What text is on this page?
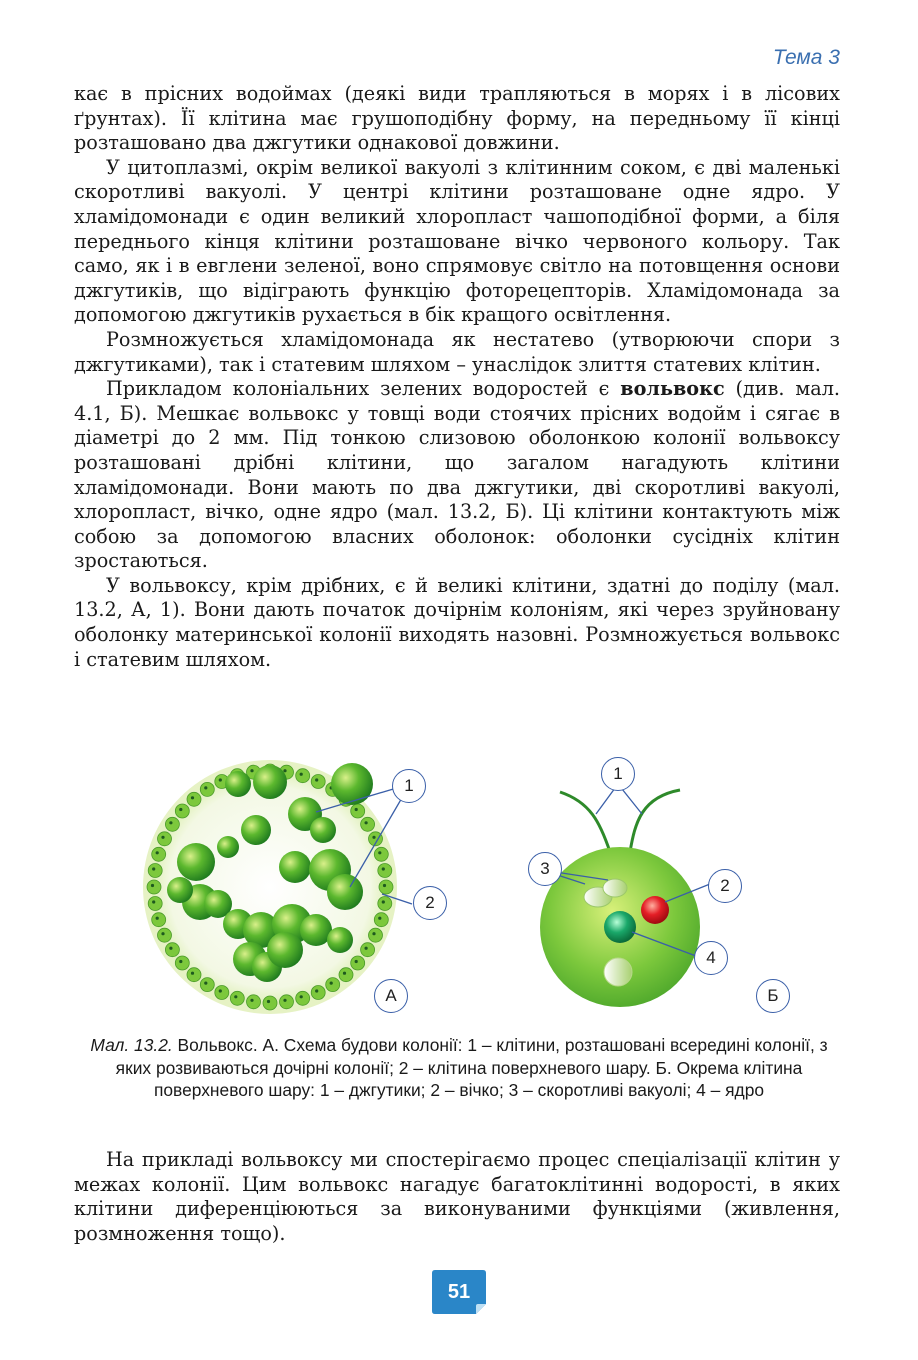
Тема 3

кає в прісних водоймах (деякі види трапляються в морях і в лісових ґрунтах). Її клітина має грушоподібну форму, на передньому її кінці розташовано два джгутики однакової довжини.

У цитоплазмі, окрім великої вакуолі з клітинним соком, є дві маленькі скоротливі вакуолі. У центрі клітини розташоване одне ядро. У хламідомонади є один великий хлоропласт чашоподібної форми, а біля переднього кінця клітини розташоване вічко червоного кольору. Так само, як і в евглени зеленої, воно спрямовує світло на потовщення основи джгутиків, що відіграють функцію фоторецепторів. Хламідомонада за допомогою джгутиків рухається в бік кращого освітлення.

Розмножується хламідомонада як нестатево (утворюючи спори з джгутиками), так і статевим шляхом – унаслідок злиття статевих клітин.

Прикладом колоніальних зелених водоростей є вольвокс (див. мал. 4.1, Б). Мешкає вольвокс у товщі води стоячих прісних водойм і сягає в діаметрі до 2 мм. Під тонкою слизовою оболонкою колонії вольвоксу розташовані дрібні клітини, що загалом нагадують клітини хламідомонади. Вони мають по два джгутики, дві скоротливі вакуолі, хлоропласт, вічко, одне ядро (мал. 13.2, Б). Ці клітини контактують між собою за допомогою власних оболонок: оболонки сусідніх клітин зростаються.

У вольвоксу, крім дрібних, є й великі клітини, здатні до поділу (мал. 13.2, А, 1). Вони дають початок дочірнім колоніям, які через зруйновану оболонку материнської колонії виходять назовні. Розмножується вольвокс і статевим шляхом.

1
2
А
1
2
3
4
Б
Мал. 13.2. Вольвокс. А. Схема будови колонії: 1 – клітини, розташовані всередині колонії, з яких розвиваються дочірні колонії; 2 – клітина поверхневого шару. Б. Окрема клітина поверхневого шару: 1 – джгутики; 2 – вічко; 3 – скоротливі вакуолі; 4 – ядро

На прикладі вольвоксу ми спостерігаємо процес спеціалізації клітин у межах колонії. Цим вольвокс нагадує багатоклітинні водорості, в яких клітини диференціюються за виконуваними функціями (живлення, розмноження тощо).

51
